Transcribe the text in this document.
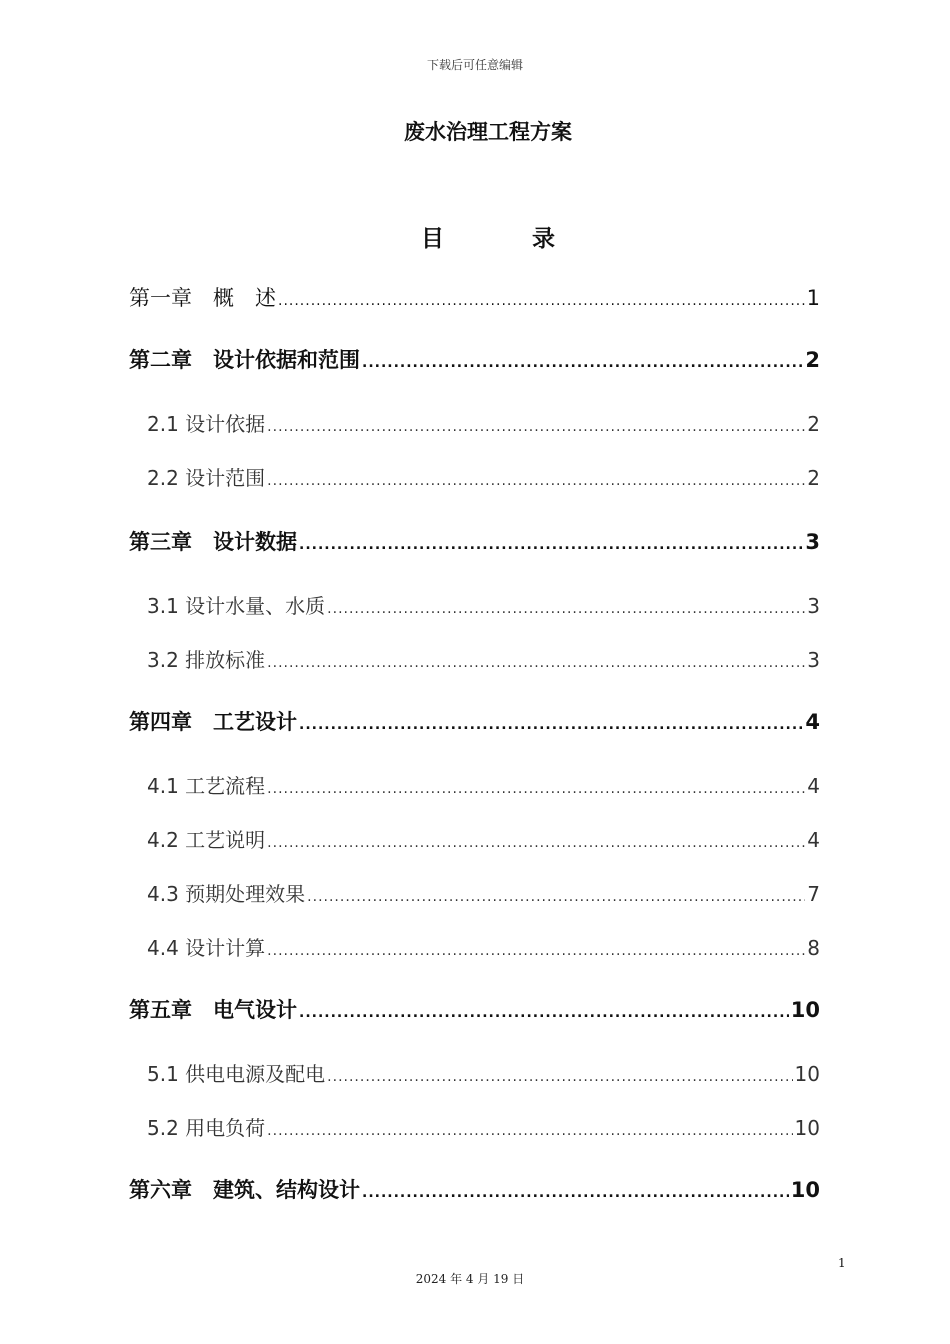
下载后可任意编辑
废水治理工程方案
目 录
第一章　概　述 .....	1
第二章　设计依据和范围 .....	2
2.1 设计依据 .....	2
2.2 设计范围 .....	2
第三章　设计数据 .....	3
3.1 设计水量、水质 .....	3
3.2 排放标准 .....	3
第四章　工艺设计 .....	4
4.1 工艺流程 .....	4
4.2 工艺说明 .....	4
4.3 预期处理效果 .....	7
4.4 设计计算 .....	8
第五章　电气设计 .....	10
5.1 供电电源及配电 .....	10
5.2 用电负荷 .....	10
第六章　建筑、结构设计 .....	10
1
2024 年 4 月 19 日
